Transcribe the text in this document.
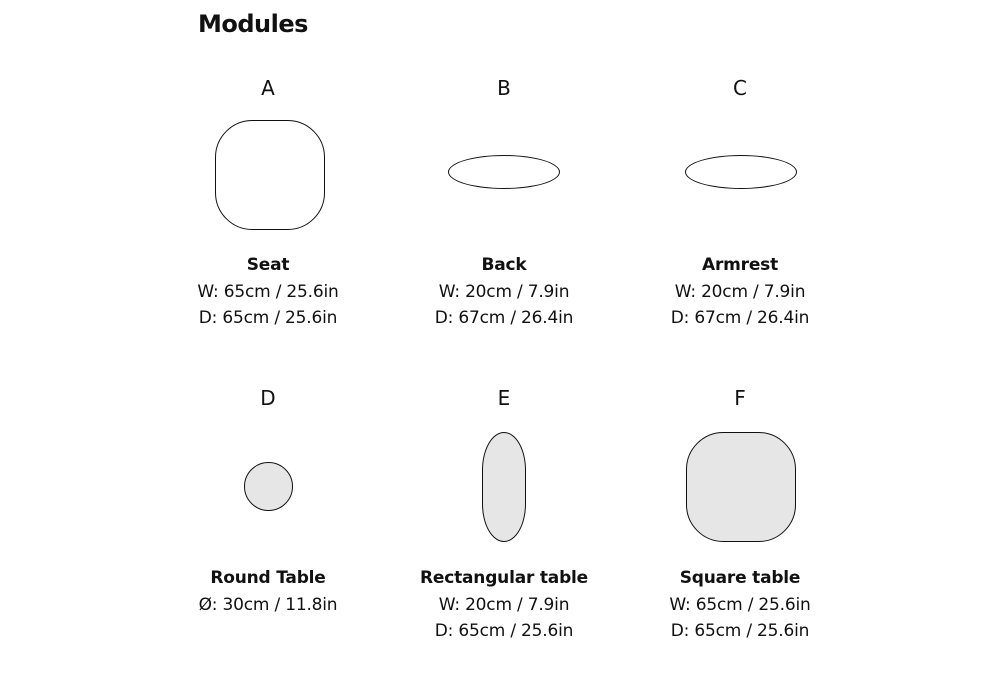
Modules
A
Seat
W: 65cm / 25.6in
D: 65cm / 25.6in
B
Back
W: 20cm / 7.9in
D: 67cm / 26.4in
C
Armrest
W: 20cm / 7.9in
D: 67cm / 26.4in
D
Round Table
Ø: 30cm / 11.8in
E
Rectangular table
W: 20cm / 7.9in
D: 65cm / 25.6in
F
Square table
W: 65cm / 25.6in
D: 65cm / 25.6in
